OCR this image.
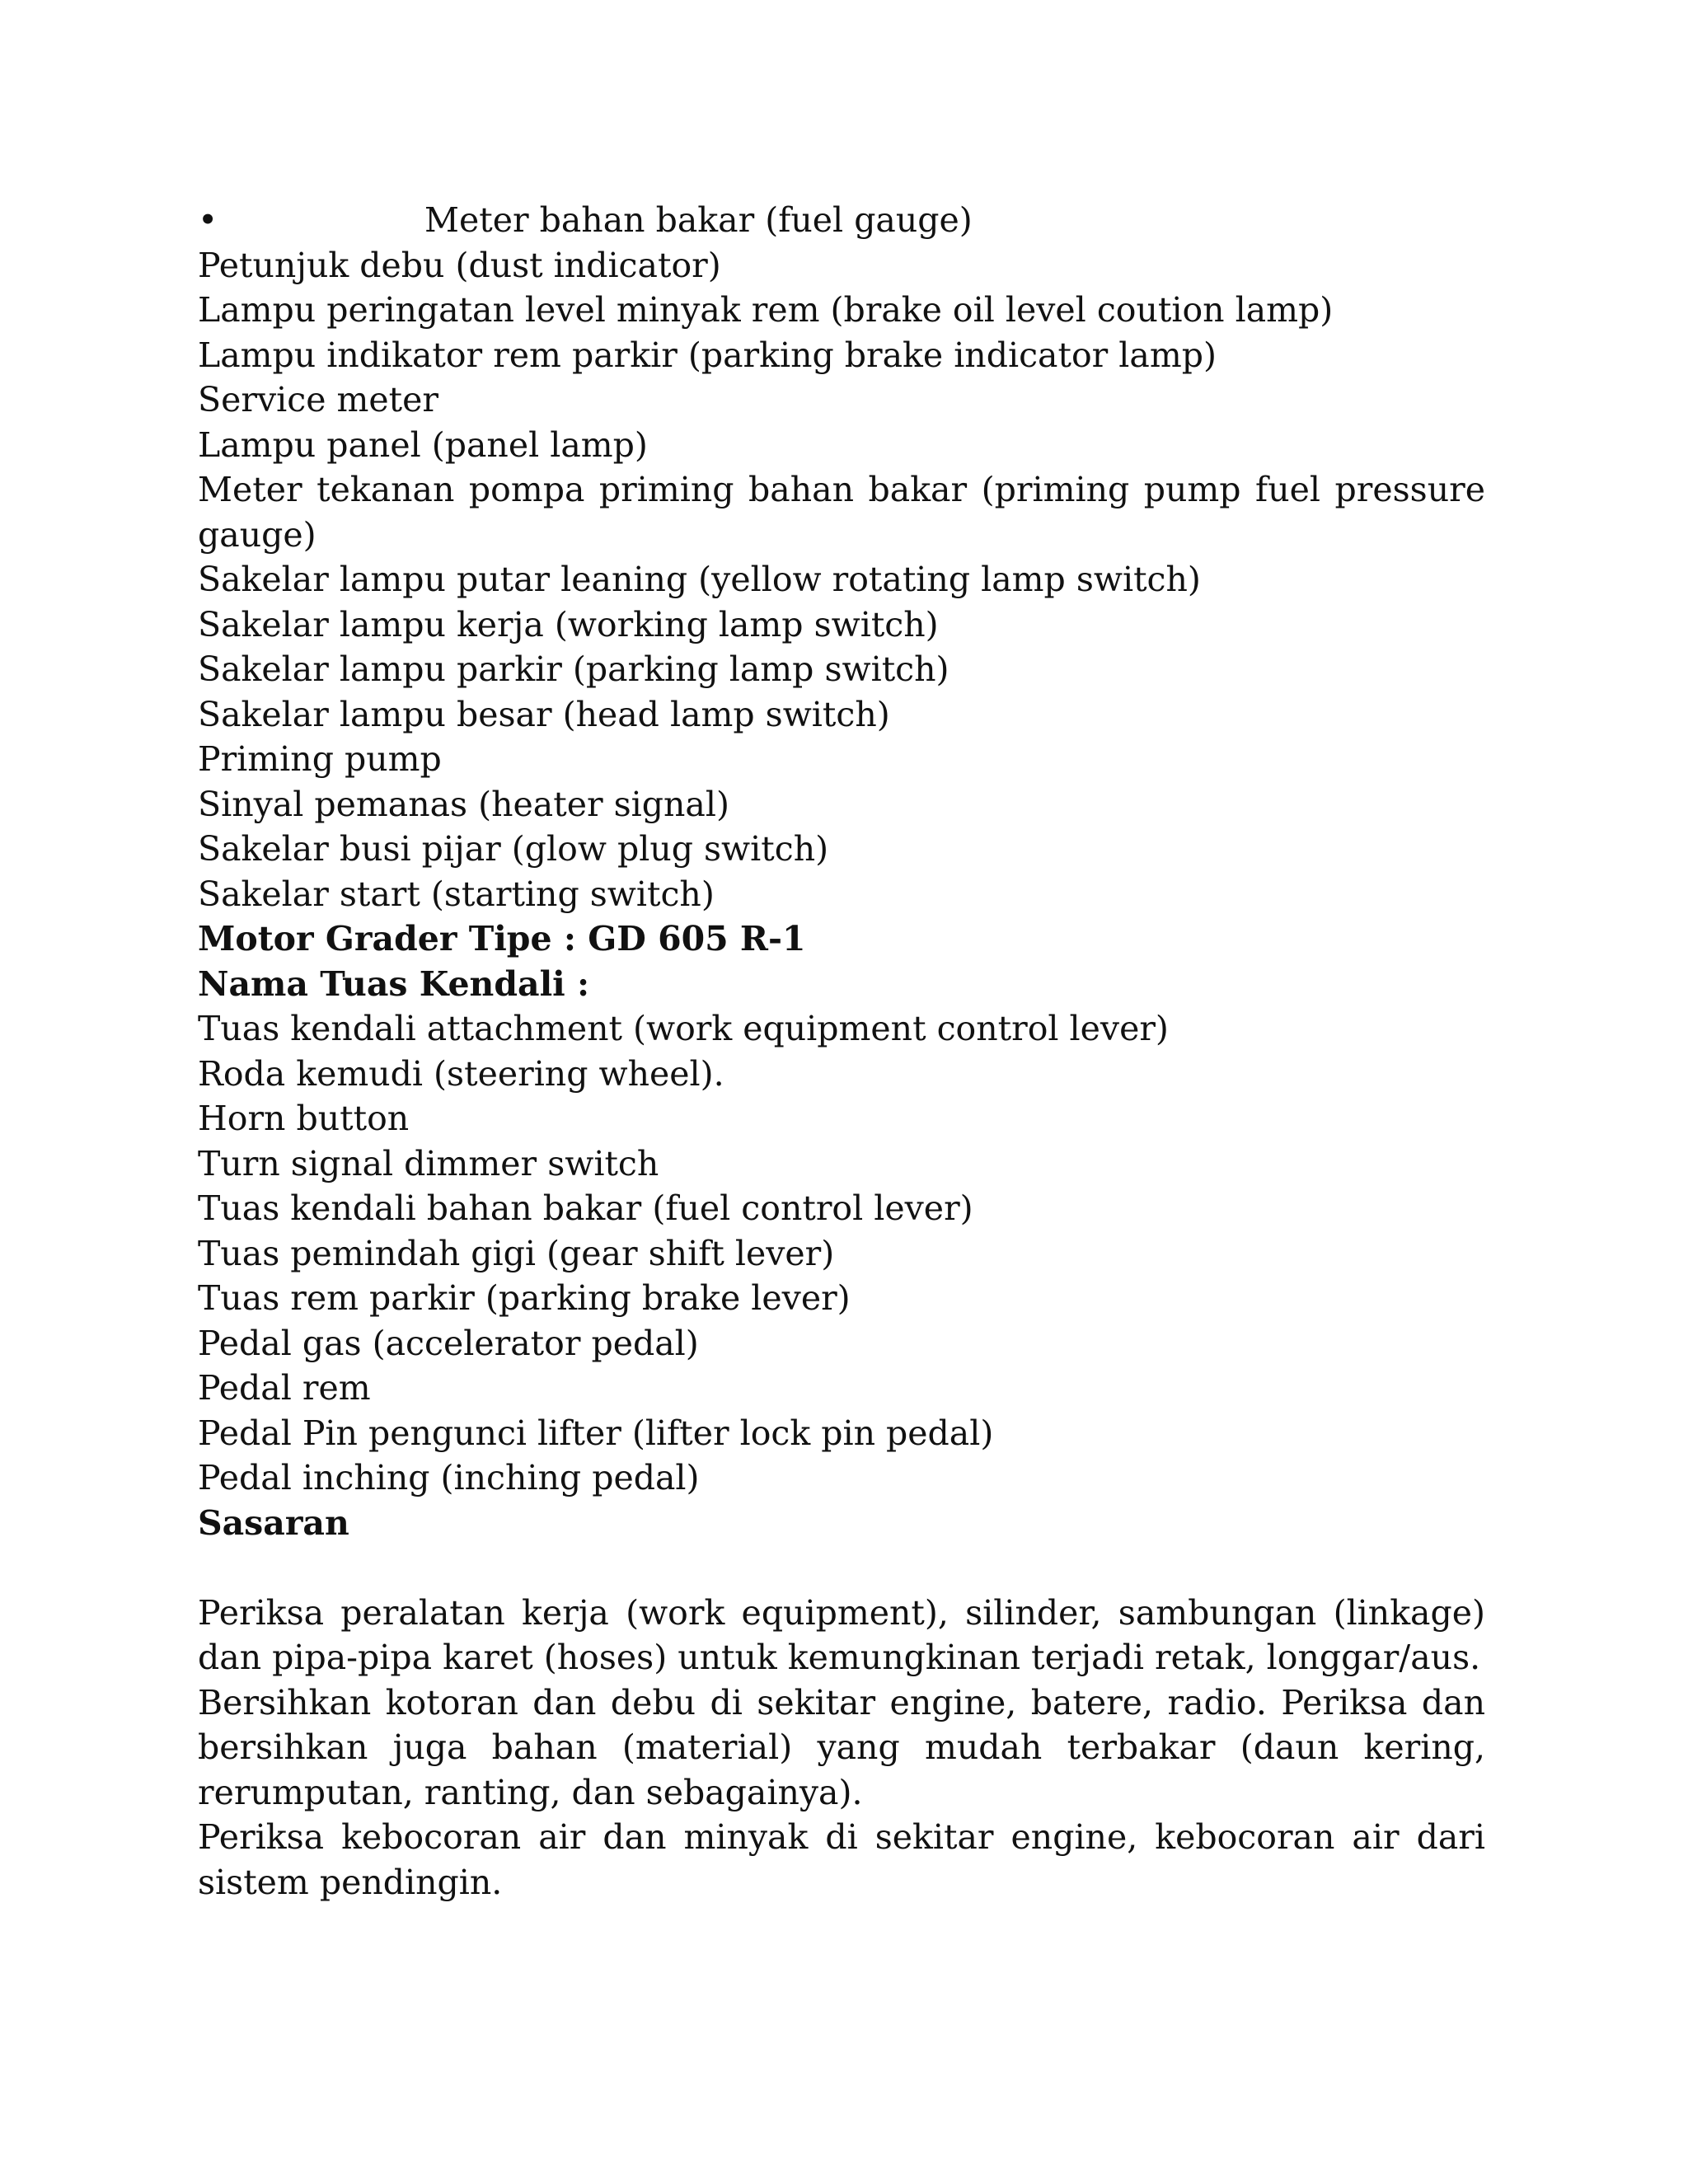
•	Meter bahan bakar (fuel gauge)

Petunjuk debu (dust indicator)

Lampu peringatan level minyak rem (brake oil level coution lamp)

Lampu indikator rem parkir (parking brake indicator lamp)

Service meter

Lampu panel (panel lamp)

Meter tekanan pompa priming bahan bakar (priming pump fuel pressure

gauge)

Sakelar lampu putar leaning (yellow rotating lamp switch)

Sakelar lampu kerja (working lamp switch)

Sakelar lampu parkir (parking lamp switch)

Sakelar lampu besar (head lamp switch)

Priming pump

Sinyal pemanas (heater signal)

Sakelar busi pijar (glow plug switch)

Sakelar start (starting switch)

Motor Grader Tipe : GD 605 R-1

Nama Tuas Kendali :

Tuas kendali attachment (work equipment control lever)

Roda kemudi (steering wheel).

Horn button

Turn signal dimmer switch

Tuas kendali bahan bakar (fuel control lever)

Tuas pemindah gigi (gear shift lever)

Tuas rem parkir (parking brake lever)

Pedal gas (accelerator pedal)

Pedal rem

Pedal Pin pengunci lifter (lifter lock pin pedal)

Pedal inching (inching pedal)

Sasaran

Periksa peralatan kerja (work equipment), silinder, sambungan (linkage) dan pipa-pipa karet (hoses) untuk kemungkinan terjadi retak, longgar/aus.

Bersihkan kotoran dan debu di sekitar engine, batere, radio. Periksa dan bersihkan juga bahan (material) yang mudah terbakar (daun kering, rerumputan, ranting, dan sebagainya).

Periksa kebocoran air dan minyak di sekitar engine, kebocoran air dari sistem pendingin.
